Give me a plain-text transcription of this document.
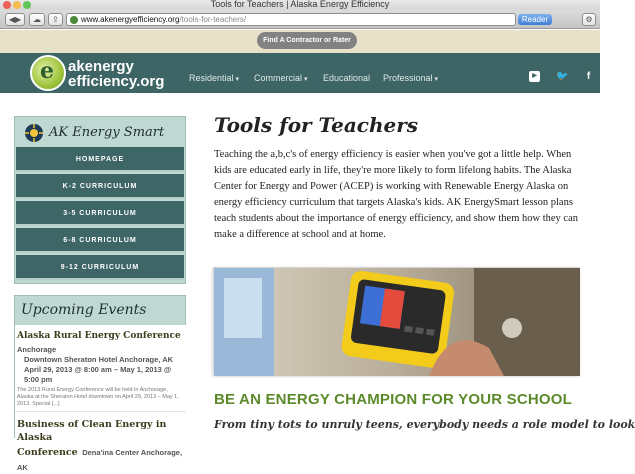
Tools for Teachers | Alaska Energy Efficiency
◀▶	☁	⇪	www.akenergyefficiency.org/tools-for-teachers/	Reader	⚙
Find A Contractor or Rater
e akenergy
efficiency.org	Residential ▾ Commercial ▾ Educational Professional ▾	▶	🐦	f
AK Energy Smart
HOMEPAGE
K-2 CURRICULUM
3-5 CURRICULUM
6-8 CURRICULUM
9-12 CURRICULUM
Upcoming Events
Alaska Rural Energy Conference Anchorage
Downtown Sheraton Hotel Anchorage, AK
April 29, 2013 @ 8:00 am – May 1, 2013 @ 5:00 pm
The 2013 Rural Energy Conference will be held in Anchorage, Alaska at the Sheraton Hotel downtown on April 29, 2013 – May 1, 2013. Special [...]
Business of Clean Energy in Alaska
Conference Dena'ina Center Anchorage, AK
Tools for Teachers
Teaching the a,b,c's of energy efficiency is easier when you've got a little help. When kids are educated early in life, they're more likely to form lifelong habits. The Alaska Center for Energy and Power (ACEP) is working with Renewable Energy Alaska on energy efficiency curriculum that targets Alaska's kids. AK EnergySmart lesson plans teach students about the importance of energy efficiency, and show them how they can make a difference at school and at home.
BE AN ENERGY CHAMPION FOR YOUR SCHOOL
From tiny tots to unruly teens, everybody needs a role model to look
